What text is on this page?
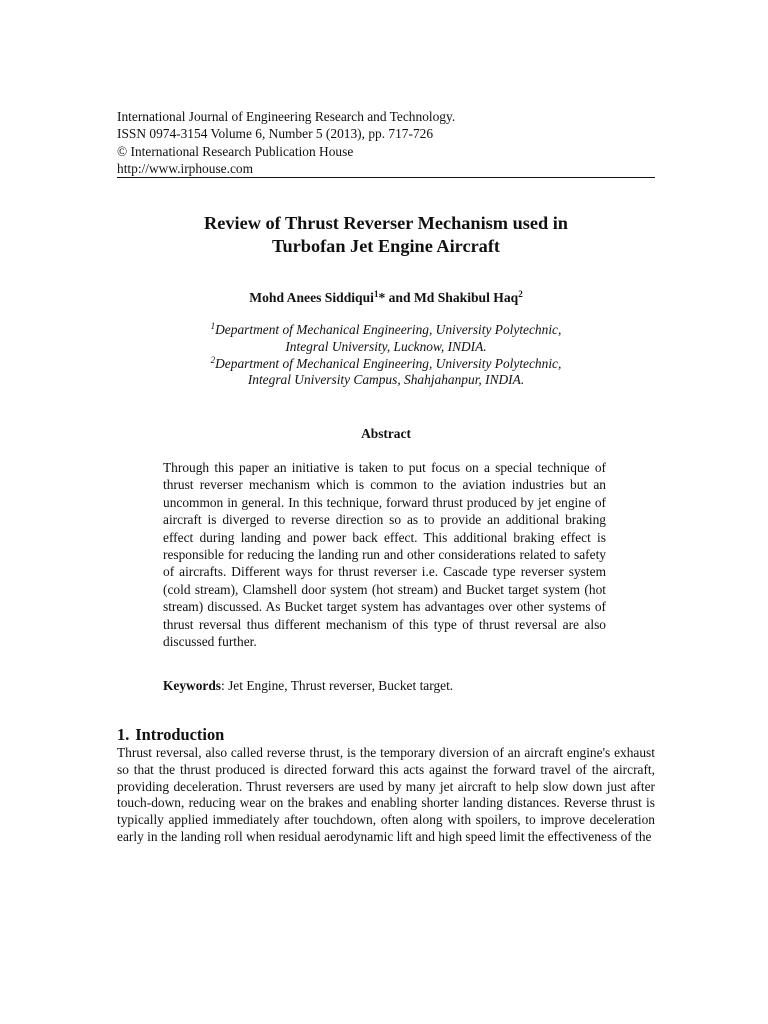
International Journal of Engineering Research and Technology.
ISSN 0974-3154 Volume 6, Number 5 (2013), pp. 717-726
© International Research Publication House
http://www.irphouse.com
Review of Thrust Reverser Mechanism used in
Turbofan Jet Engine Aircraft
Mohd Anees Siddiqui$^1$* and Md Shakibul Haq$^2$
$^1$Department of Mechanical Engineering, University Polytechnic,
Integral University, Lucknow, INDIA.
$^2$Department of Mechanical Engineering, University Polytechnic,
Integral University Campus, Shahjahanpur, INDIA.
Abstract
Through this paper an initiative is taken to put focus on a special technique of thrust reverser mechanism which is common to the aviation industries but an uncommon in general. In this technique, forward thrust produced by jet engine of aircraft is diverged to reverse direction so as to provide an additional braking effect during landing and power back effect. This additional braking effect is responsible for reducing the landing run and other considerations related to safety of aircrafts. Different ways for thrust reverser i.e. Cascade type reverser system (cold stream), Clamshell door system (hot stream) and Bucket target system (hot stream) discussed. As Bucket target system has advantages over other systems of thrust reversal thus different mechanism of this type of thrust reversal are also discussed further.
Keywords: Jet Engine, Thrust reverser, Bucket target.
1. Introduction
Thrust reversal, also called reverse thrust, is the temporary diversion of an aircraft engine's exhaust so that the thrust produced is directed forward this acts against the forward travel of the aircraft, providing deceleration. Thrust reversers are used by many jet aircraft to help slow down just after touch-down, reducing wear on the brakes and enabling shorter landing distances. Reverse thrust is typically applied immediately after touchdown, often along with spoilers, to improve deceleration early in the landing roll when residual aerodynamic lift and high speed limit the effectiveness of the
